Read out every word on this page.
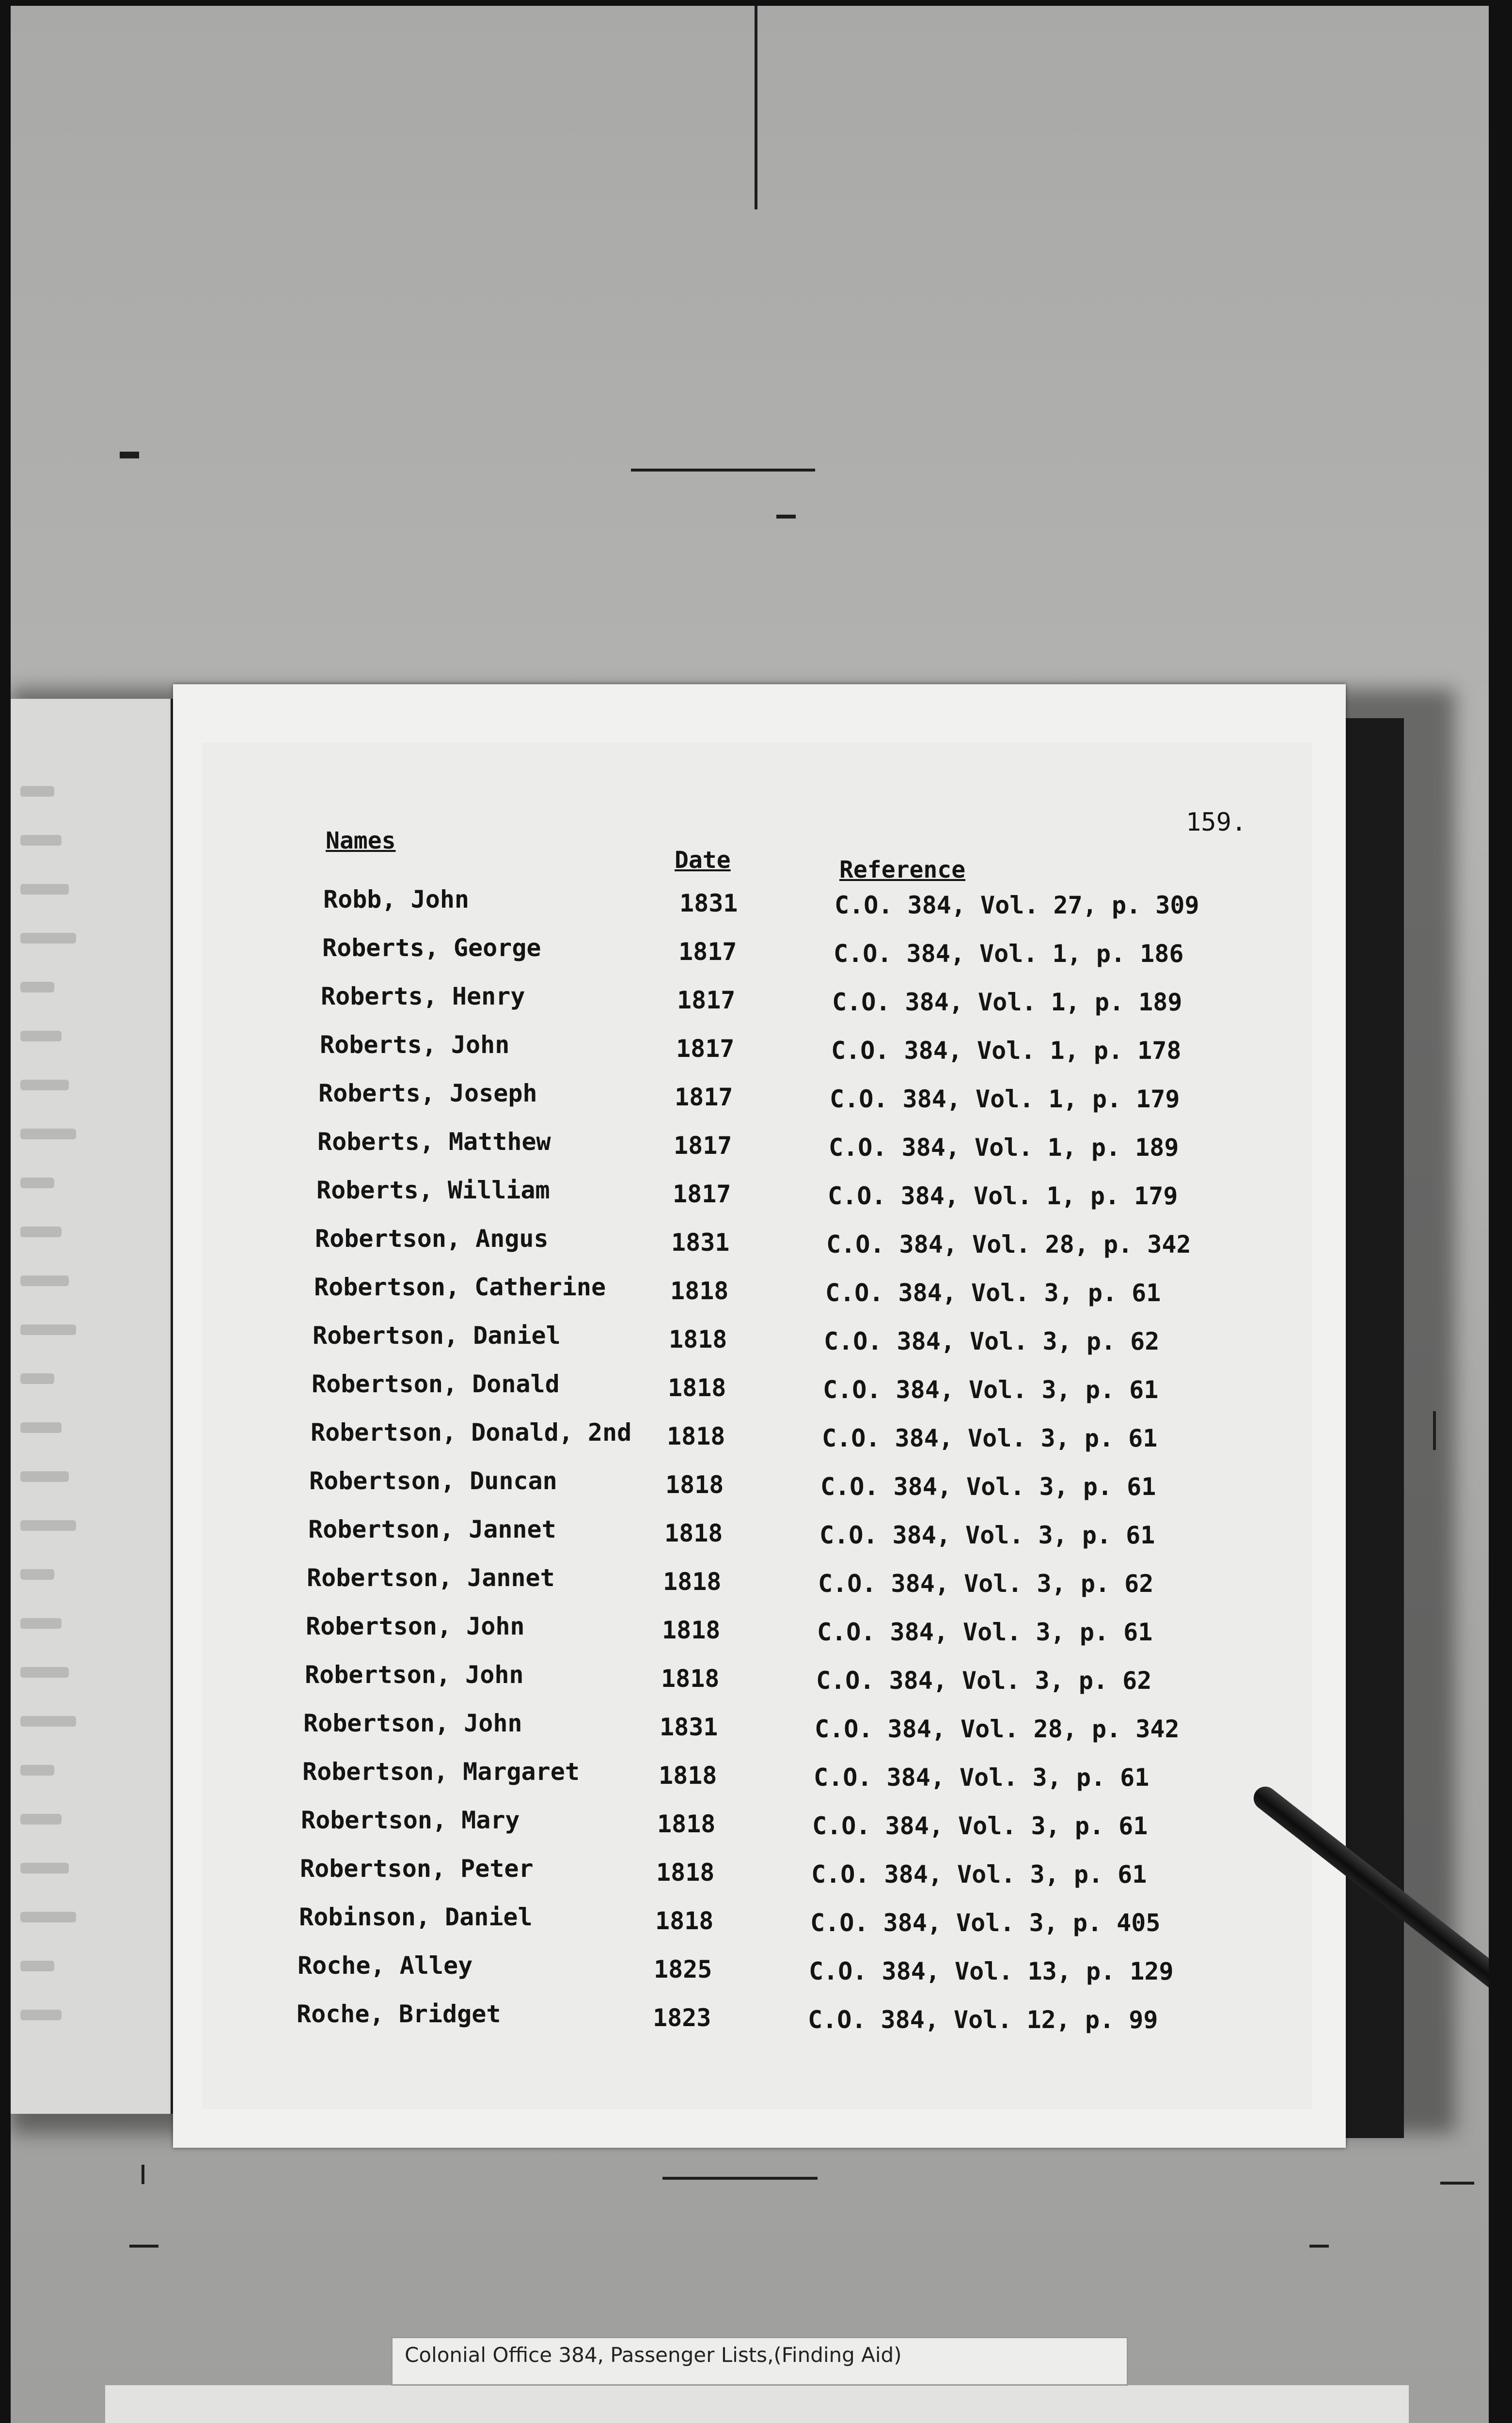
Robb, John	1831	C.O. 384, Vol. 27, p. 309
Roberts, George	1817	C.O. 384, Vol. 1, p. 186
Roberts, Henry	1817	C.O. 384, Vol. 1, p. 189
Roberts, John	1817	C.O. 384, Vol. 1, p. 178
Roberts, Joseph	1817	C.O. 384, Vol. 1, p. 179
Roberts, Matthew	1817	C.O. 384, Vol. 1, p. 189
Roberts, William	1817	C.O. 384, Vol. 1, p. 179
Robertson, Angus	1831	C.O. 384, Vol. 28, p. 342
Robertson, Catherine	1818	C.O. 384, Vol. 3, p. 61
Robertson, Daniel	1818	C.O. 384, Vol. 3, p. 62
Robertson, Donald	1818	C.O. 384, Vol. 3, p. 61
Robertson, Donald, 2nd 1818	C.O. 384, Vol. 3, p. 61
Robertson, Duncan	1818	C.O. 384, Vol. 3, p. 61
Robertson, Jannet	1818	C.O. 384, Vol. 3, p. 61
Robertson, Jannet	1818	C.O. 384, Vol. 3, p. 62
Robertson, John	1818	C.O. 384, Vol. 3, p. 61
Robertson, John	1818	C.O. 384, Vol. 3, p. 62
Robertson, John	1831	C.O. 384, Vol. 28, p. 342
Robertson, Margaret	1818	C.O. 384, Vol. 3, p. 61
Robertson, Mary	1818	C.O. 384, Vol. 3, p. 61
Robertson, Peter	1818	C.O. 384, Vol. 3, p. 61
Robinson, Daniel	1818	C.O. 384, Vol. 3, p. 405
Roche, Alley	1825	C.O. 384, Vol. 13, p. 129
Roche, Bridget	1823	C.O. 384, Vol. 12, p. 99
159.
Names
Date	Reference
Colonial Office 384, Passenger Lists,(Finding Aid)
